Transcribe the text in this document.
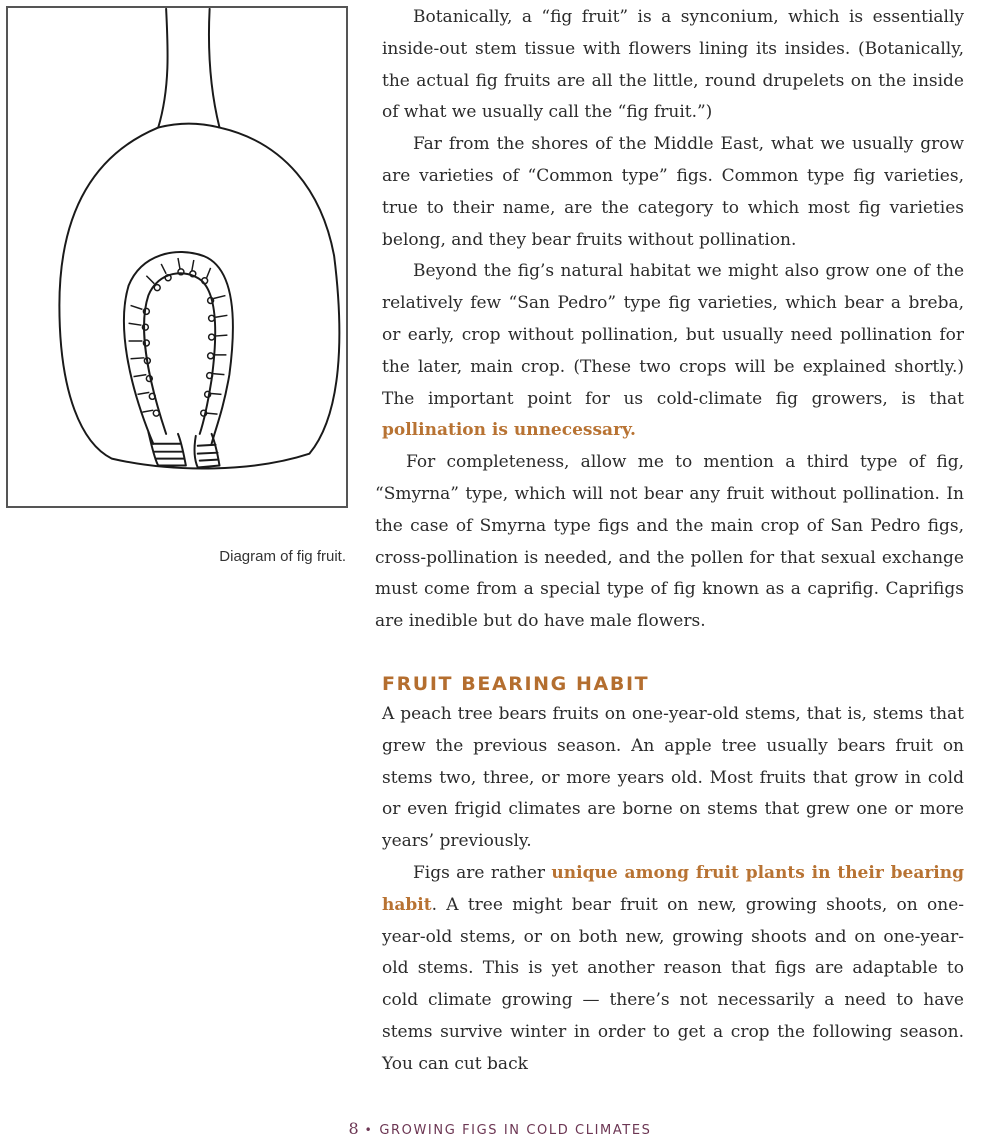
Diagram of fig fruit.

Botanically, a “fig fruit” is a synconium, which is essentially inside-out stem tissue with flowers lining its insides. (Botanically, the actual fig fruits are all the little, round drupelets on the inside of what we usually call the “fig fruit.”)

Far from the shores of the Middle East, what we usually grow are varieties of “Common type” figs. Common type fig varieties, true to their name, are the category to which most fig varieties belong, and they bear fruits without pollination.

Beyond the fig’s natural habitat we might also grow one of the relatively few “San Pedro” type fig varieties, which bear a breba, or early, crop without pollination, but usually need pollination for the later, main crop. (These two crops will be explained shortly.) The important point for us cold-climate fig growers, is that pollination is unnecessary.

For completeness, allow me to mention a third type of fig, “Smyrna” type, which will not bear any fruit without pollination. In the case of Smyrna type figs and the main crop of San Pedro figs, cross-pollination is needed, and the pollen for that sexual exchange must come from a special type of fig known as a caprifig. Caprifigs are inedible but do have male flowers.

FRUIT BEARING HABIT

A peach tree bears fruits on one-year-old stems, that is, stems that grew the previous season. An apple tree usually bears fruit on stems two, three, or more years old. Most fruits that grow in cold or even frigid climates are borne on stems that grew one or more years’ previously.

Figs are rather unique among fruit plants in their bearing habit. A tree might bear fruit on new, growing shoots, on one-year-old stems, or on both new, growing shoots and on one-year-old stems. This is yet another reason that figs are adaptable to cold climate growing — there’s not necessarily a need to have stems survive winter in order to get a crop the following season. You can cut back

8 • GROWING FIGS IN COLD CLIMATES
